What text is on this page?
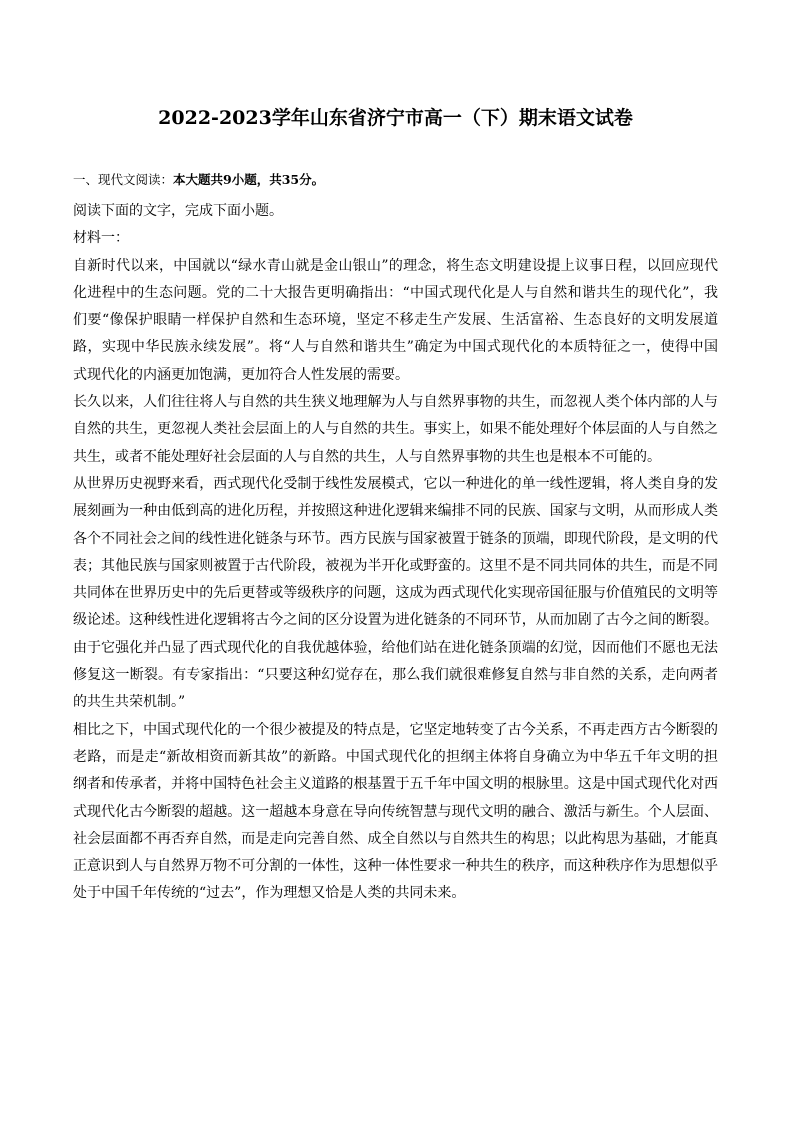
2022-2023学年山东省济宁市高一（下）期末语文试卷
一、现代文阅读：本大题共9小题，共35分。
阅读下面的文字，完成下面小题。
材料一：
自新时代以来，中国就以“绿水青山就是金山银山”的理念，将生态文明建设提上议事日程，以回应现代
化进程中的生态问题。党的二十大报告更明确指出：“中国式现代化是人与自然和谐共生的现代化”，我
们要“像保护眼睛一样保护自然和生态环境，坚定不移走生产发展、生活富裕、生态良好的文明发展道
路，实现中华民族永续发展”。将“人与自然和谐共生”确定为中国式现代化的本质特征之一，使得中国
式现代化的内涵更加饱满，更加符合人性发展的需要。
长久以来，人们往往将人与自然的共生狭义地理解为人与自然界事物的共生，而忽视人类个体内部的人与
自然的共生，更忽视人类社会层面上的人与自然的共生。事实上，如果不能处理好个体层面的人与自然之
共生，或者不能处理好社会层面的人与自然的共生，人与自然界事物的共生也是根本不可能的。
从世界历史视野来看，西式现代化受制于线性发展模式，它以一种进化的单一线性逻辑，将人类自身的发
展刻画为一种由低到高的进化历程，并按照这种进化逻辑来编排不同的民族、国家与文明，从而形成人类
各个不同社会之间的线性进化链条与环节。西方民族与国家被置于链条的顶端，即现代阶段，是文明的代
表；其他民族与国家则被置于古代阶段，被视为半开化或野蛮的。这里不是不同共同体的共生，而是不同
共同体在世界历史中的先后更替或等级秩序的问题，这成为西式现代化实现帝国征服与价值殖民的文明等
级论述。这种线性进化逻辑将古今之间的区分设置为进化链条的不同环节，从而加剧了古今之间的断裂。
由于它强化并凸显了西式现代化的自我优越体验，给他们站在进化链条顶端的幻觉，因而他们不愿也无法
修复这一断裂。有专家指出：“只要这种幻觉存在，那么我们就很难修复自然与非自然的关系，走向两者
的共生共荣机制。”
相比之下，中国式现代化的一个很少被提及的特点是，它坚定地转变了古今关系，不再走西方古今断裂的
老路，而是走“新故相资而新其故”的新路。中国式现代化的担纲主体将自身确立为中华五千年文明的担
纲者和传承者，并将中国特色社会主义道路的根基置于五千年中国文明的根脉里。这是中国式现代化对西
式现代化古今断裂的超越。这一超越本身意在导向传统智慧与现代文明的融合、激活与新生。个人层面、
社会层面都不再否弃自然，而是走向完善自然、成全自然以与自然共生的构思；以此构思为基础，才能真
正意识到人与自然界万物不可分割的一体性，这种一体性要求一种共生的秩序，而这种秩序作为思想似乎
处于中国千年传统的“过去”，作为理想又恰是人类的共同未来。
